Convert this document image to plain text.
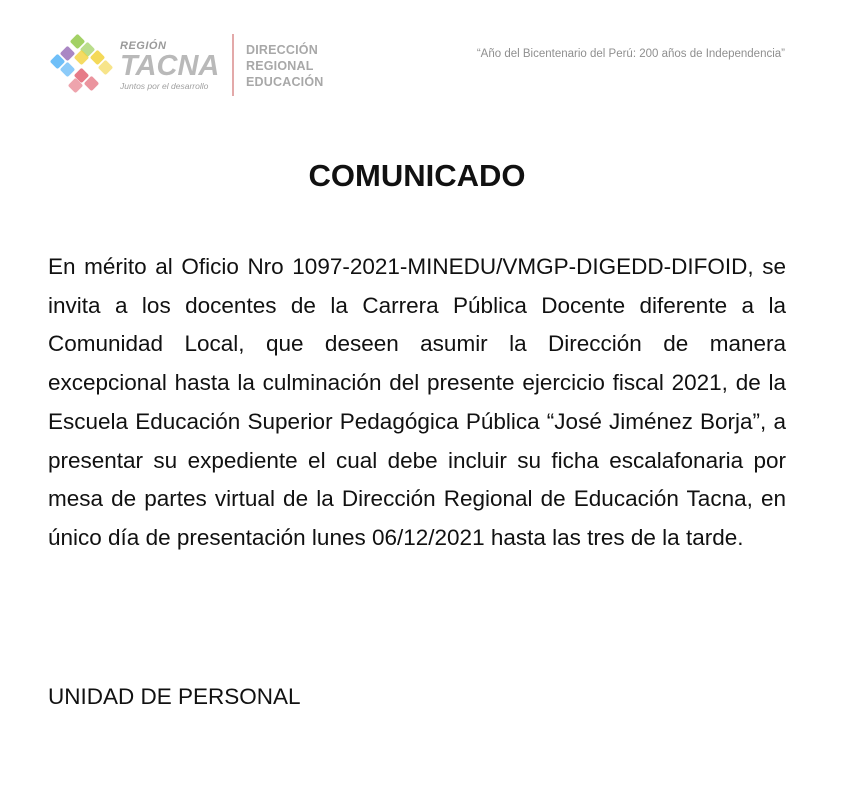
REGIÓN
TACNA
Juntos por el desarrollo
DIRECCIÓN
REGIONAL
EDUCACIÓN
“Año del Bicentenario del Perú: 200 años de Independencia”
COMUNICADO
En mérito al Oficio Nro 1097-2021-MINEDU/VMGP-DIGEDD-DIFOID, se invita a los docentes de la Carrera Pública Docente diferente a la Comunidad Local, que deseen asumir la Dirección de manera excepcional hasta la culminación del presente ejercicio fiscal 2021, de la Escuela Educación Superior Pedagógica Pública “José Jiménez Borja”, a presentar su expediente el cual debe incluir su ficha escalafonaria por mesa de partes virtual de la Dirección Regional de Educación Tacna, en único día de presentación lunes 06/12/2021 hasta las tres de la tarde.
UNIDAD DE PERSONAL
